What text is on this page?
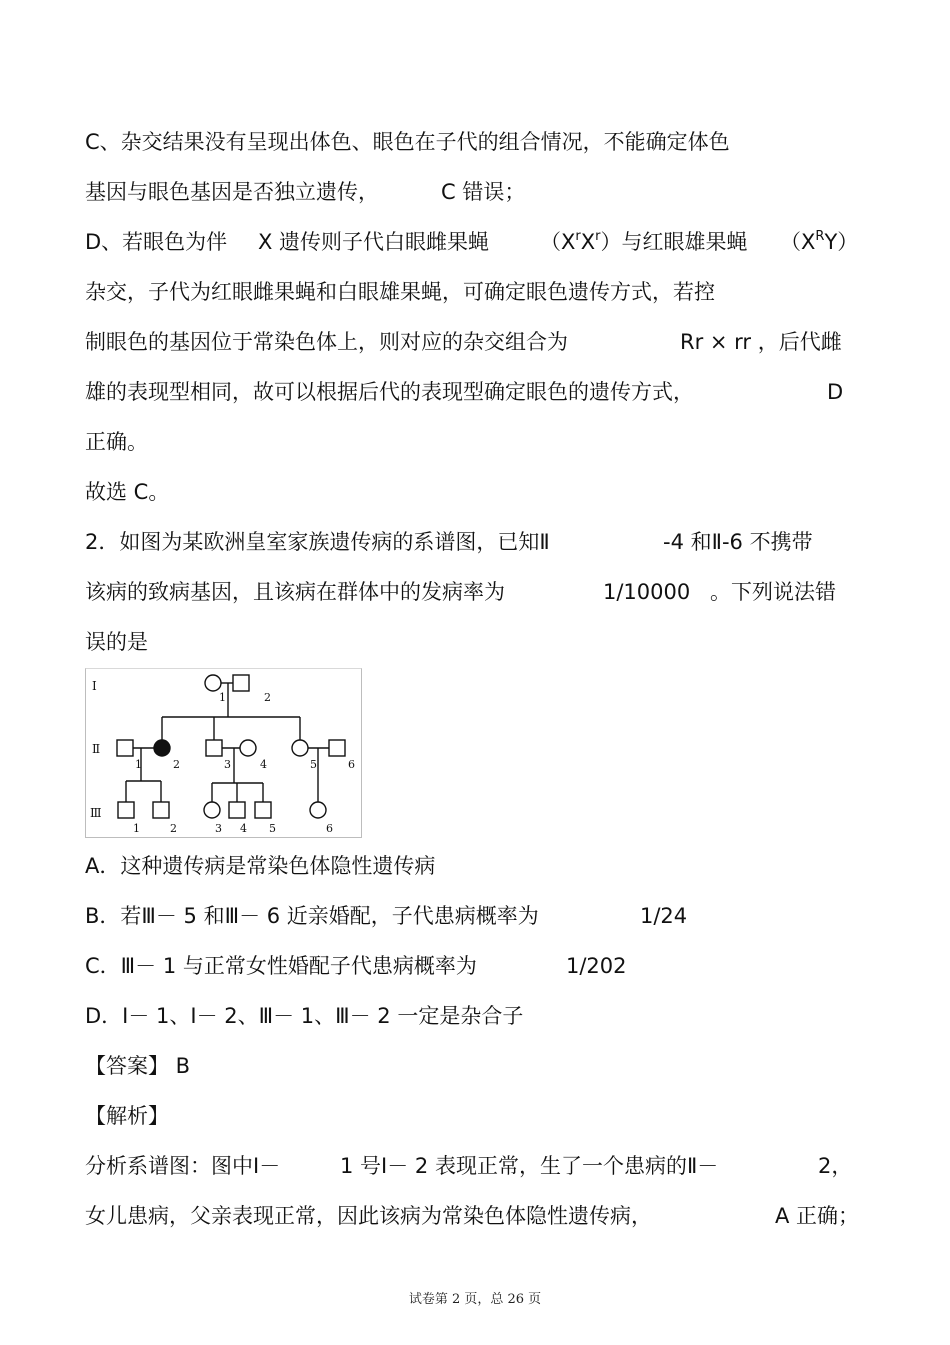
C、杂交结果没有呈现出体色、眼色在子代的组合情况，不能确定体色
基因与眼色基因是否独立遗传，	C 错误；
D、若眼色为伴 X 遗传则子代白眼雌果蝇 $(X^rX^r)$与红眼雄果蝇 $(X^RY)$
杂交，子代为红眼雌果蝇和白眼雄果蝇，可确定眼色遗传方式，若控
制眼色的基因位于常染色体上，则对应的杂交组合为	Rr × rr ，后代雌
雄的表现型相同，故可以根据后代的表现型确定眼色的遗传方式，	D
正确。
故选 C。
2．如图为某欧洲皇室家族遗传病的系谱图，已知Ⅱ	-4 和Ⅱ-6 不携带
该病的致病基因，且该病在群体中的发病率为	1/10000 。下列说法错
误的是
Ⅰ
Ⅱ
Ⅲ
1	2
1	2	3	4	5	6
1	2	3 4 5	6
A．这种遗传病是常染色体隐性遗传病
B．若Ⅲ－ 5 和Ⅲ－ 6 近亲婚配，子代患病概率为	1/24
C．Ⅲ－ 1 与正常女性婚配子代患病概率为	1/202
D．Ⅰ－ 1、Ⅰ－ 2、Ⅲ－ 1、Ⅲ－ 2 一定是杂合子
【答案】 B
【解析】
分析系谱图：图中Ⅰ－	1 号Ⅰ－ 2 表现正常，生了一个患病的Ⅱ－	2，
女儿患病，父亲表现正常，因此该病为常染色体隐性遗传病，	A 正确；
试卷第 2 页，总 26 页
